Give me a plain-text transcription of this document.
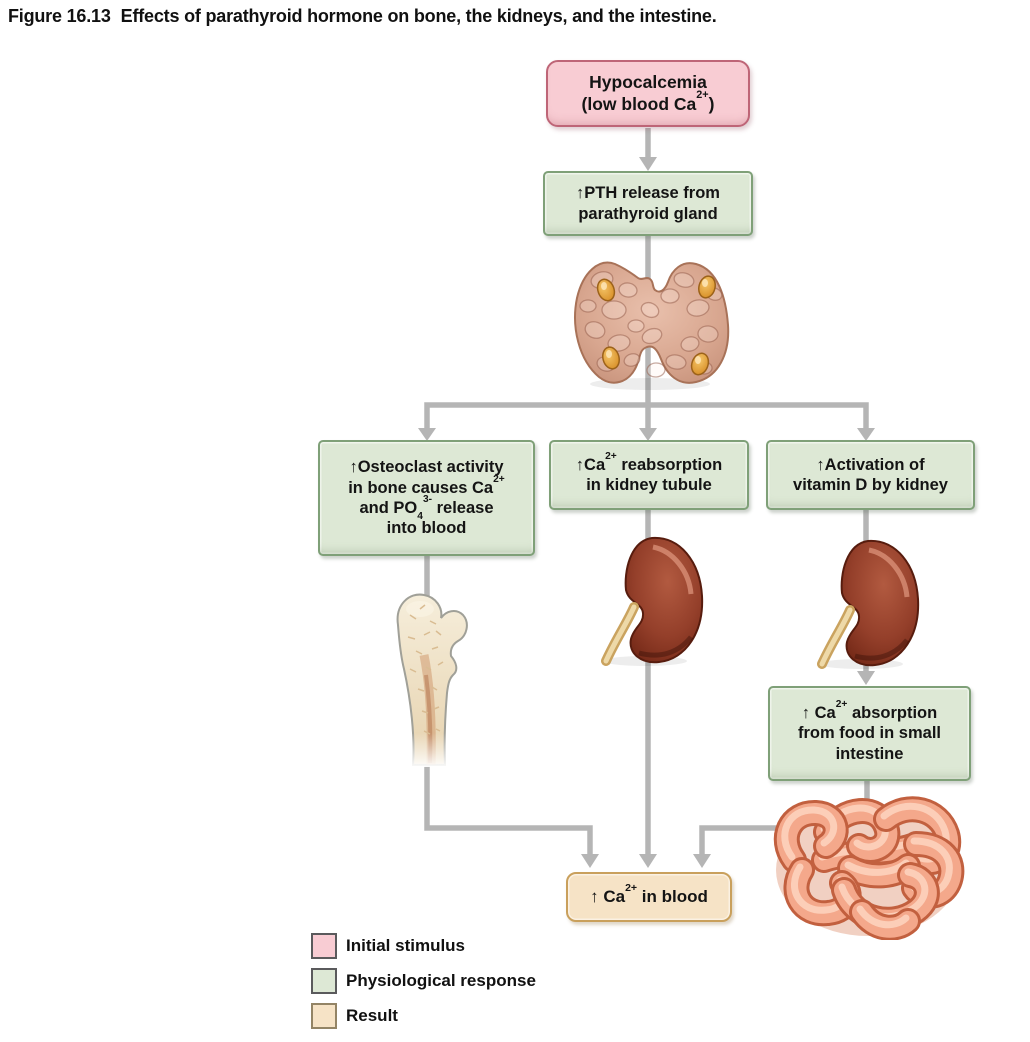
Figure 16.13 Effects of parathyroid hormone on bone, the kidneys, and the intestine.
Hypocalcemia
(low blood $Ca^{2+}$)
↑PTH release from
parathyroid gland
↑Osteoclast activity
in bone causes $Ca^{2+}$
and $PO_4^{3-}$ release
into blood
$↑Ca^{2+}$ reabsorption
in kidney tubule
↑Activation of
vitamin D by kidney
↑ $Ca^{2+}$ absorption
from food in small
intestine
↑ $Ca^{2+}$ in blood
Initial stimulus
Physiological response
Result
